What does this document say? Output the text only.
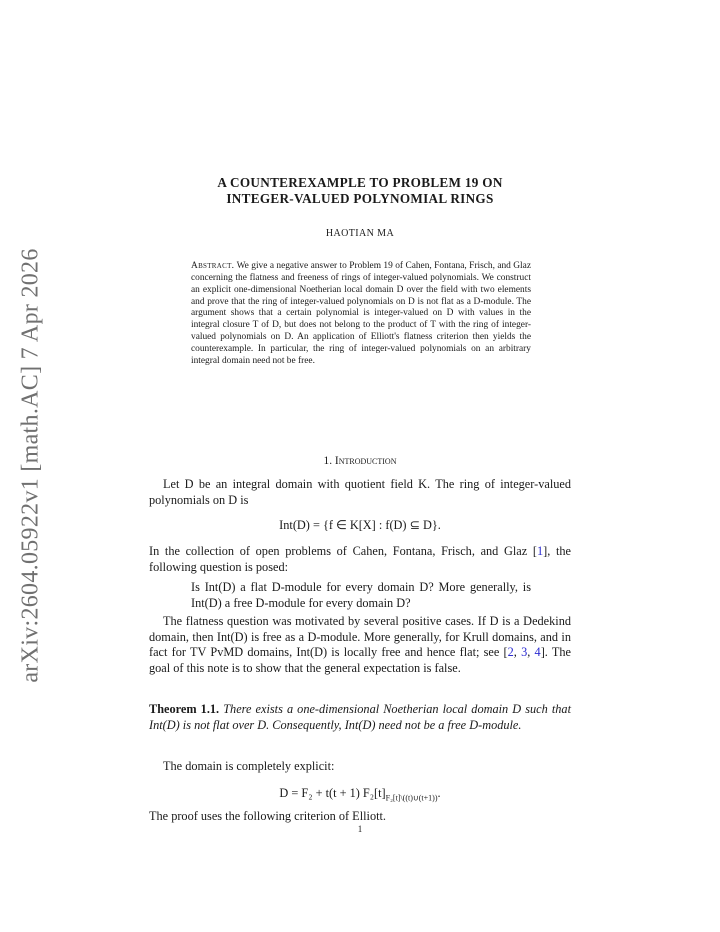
arXiv:2604.05922v1 [math.AC] 7 Apr 2026
A COUNTEREXAMPLE TO PROBLEM 19 ON
INTEGER-VALUED POLYNOMIAL RINGS
HAOTIAN MA
Abstract. We give a negative answer to Problem 19 of Cahen, Fontana, Frisch, and Glaz concerning the flatness and freeness of rings of integer-valued polynomials. We construct an explicit one-dimensional Noetherian local domain D over the field with two elements and prove that the ring of integer-valued polynomials on D is not flat as a D-module. The argument shows that a certain polynomial is integer-valued on D with values in the integral closure T of D, but does not belong to the product of T with the ring of integer-valued polynomials on D. An application of Elliott's flatness criterion then yields the counterexample. In particular, the ring of integer-valued polynomials on an arbitrary integral domain need not be free.
1. Introduction
Let D be an integral domain with quotient field K. The ring of integer-valued polynomials on D is
Int(D) = {f ∈ K[X] : f(D) ⊆ D}.
In the collection of open problems of Cahen, Fontana, Frisch, and Glaz [1], the following question is posed:
Is Int(D) a flat D-module for every domain D? More generally, is Int(D) a free D-module for every domain D?
The flatness question was motivated by several positive cases. If D is a Dedekind domain, then Int(D) is free as a D-module. More generally, for Krull domains, and in fact for TV PvMD domains, Int(D) is locally free and hence flat; see [2, 3, 4]. The goal of this note is to show that the general expectation is false.
Theorem 1.1. There exists a one-dimensional Noetherian local domain D such that Int(D) is not flat over D. Consequently, Int(D) need not be a free D-module.
The domain is completely explicit:
D = F₂ + t(t + 1) $F_2[t]_{F_2[t]\backslash((t)\cup(t+1))}$.
The proof uses the following criterion of Elliott.
1
